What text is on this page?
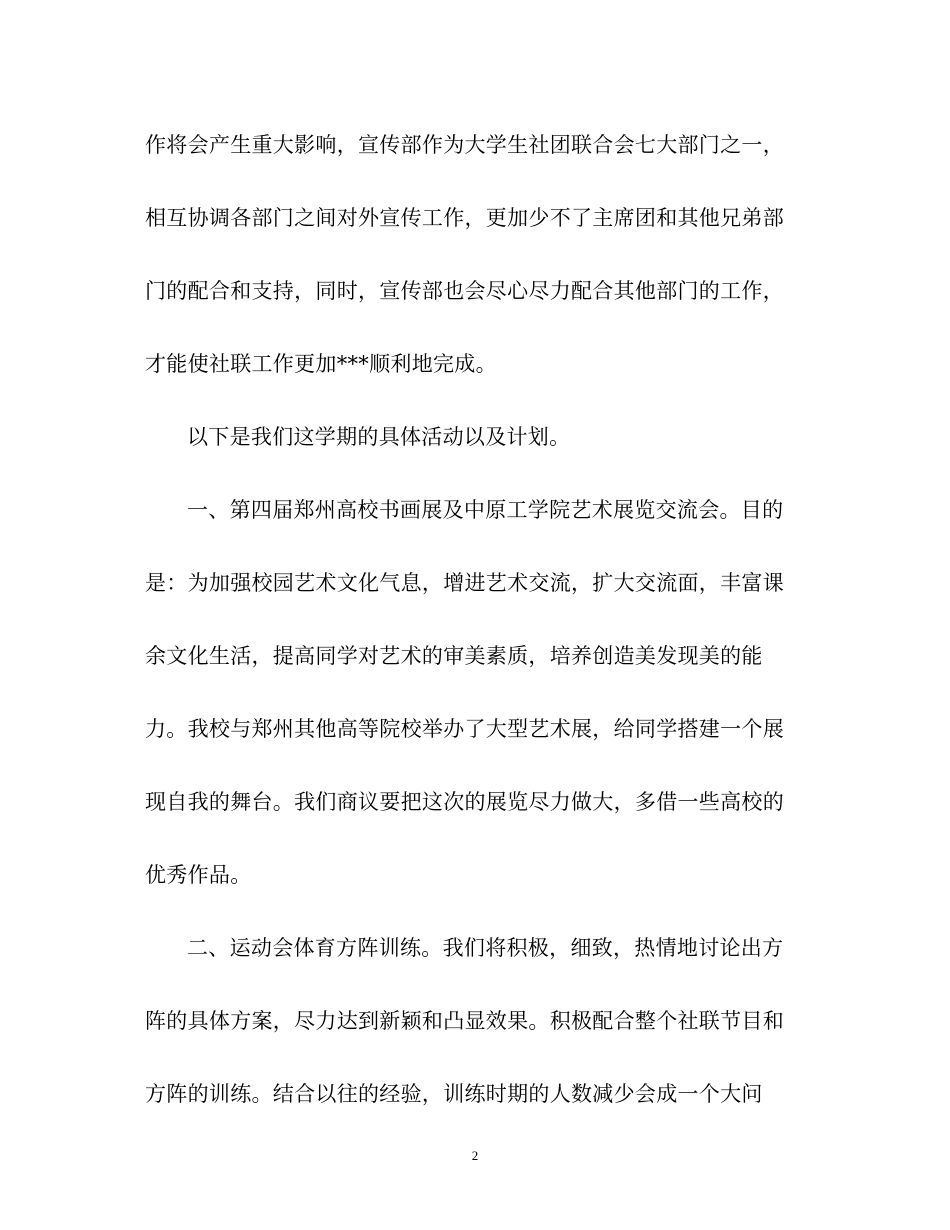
作将会产生重大影响，宣传部作为大学生社团联合会七大部门之一，
相互协调各部门之间对外宣传工作，更加少不了主席团和其他兄弟部
门的配合和支持，同时，宣传部也会尽心尽力配合其他部门的工作，
才能使社联工作更加***顺利地完成。
以下是我们这学期的具体活动以及计划。
一、第四届郑州高校书画展及中原工学院艺术展览交流会。目的
是：为加强校园艺术文化气息，增进艺术交流，扩大交流面，丰富课
余文化生活，提高同学对艺术的审美素质，培养创造美发现美的能
力。我校与郑州其他高等院校举办了大型艺术展，给同学搭建一个展
现自我的舞台。我们商议要把这次的展览尽力做大，多借一些高校的
优秀作品。
二、运动会体育方阵训练。我们将积极，细致，热情地讨论出方
阵的具体方案，尽力达到新颖和凸显效果。积极配合整个社联节目和
方阵的训练。结合以往的经验，训练时期的人数减少会成一个大问
2
